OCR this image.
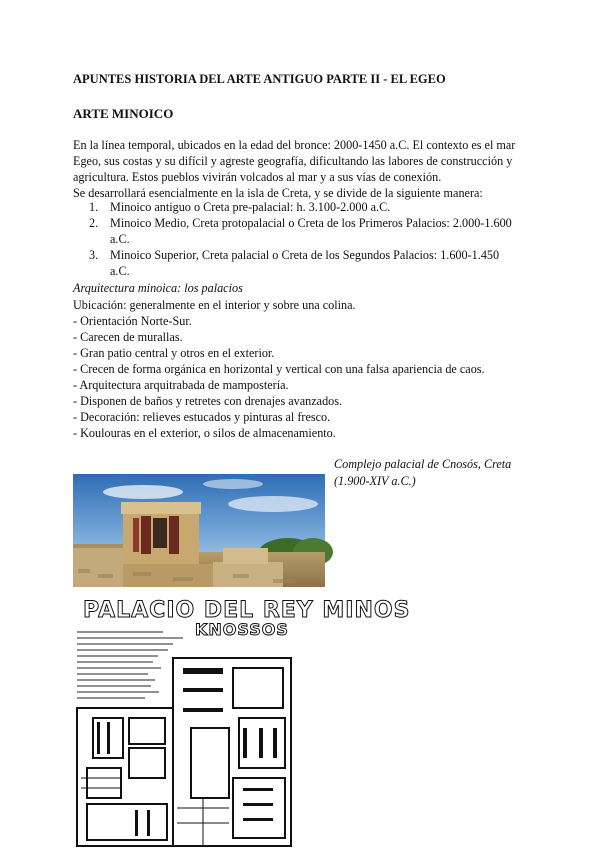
APUNTES HISTORIA DEL ARTE ANTIGUO PARTE II - EL EGEO
ARTE MINOICO

En la línea temporal, ubicados en la edad del bronce: 2000-1450 a.C. El contexto es el mar

Egeo, sus costas y su difícil y agreste geografía, dificultando las labores de construcción y

agricultura. Estos pueblos vivirán volcados al mar y a sus vías de conexión.

Se desarrollará esencialmente en la isla de Creta, y se divide de la siguiente manera:

1. Minoico antiguo o Creta pre-palacial: h. 3.100-2.000 a.C.
2. Minoico Medio, Creta protopalacial o Creta de los Primeros Palacios: 2.000-1.600 a.C.
3. Minoico Superior, Creta palacial o Creta de los Segundos Palacios: 1.600-1.450 a.C.
Arquitectura minoica: los palacios
Ubicación: generalmente en el interior y sobre una colina.
- Orientación Norte-Sur.
- Carecen de murallas.
- Gran patio central y otros en el exterior.
- Crecen de forma orgánica en horizontal y vertical con una falsa apariencia de caos.
- Arquitectura arquitrabada de mampostería.
- Disponen de baños y retretes con drenajes avanzados.
- Decoración: relieves estucados y pinturas al fresco.
- Koulouras en el exterior, o silos de almacenamiento.
Complejo palacial de Cnosós, Creta
(1.900-XIV a.C.)
PALACIO DEL REY MINOS
KNOSSOS
